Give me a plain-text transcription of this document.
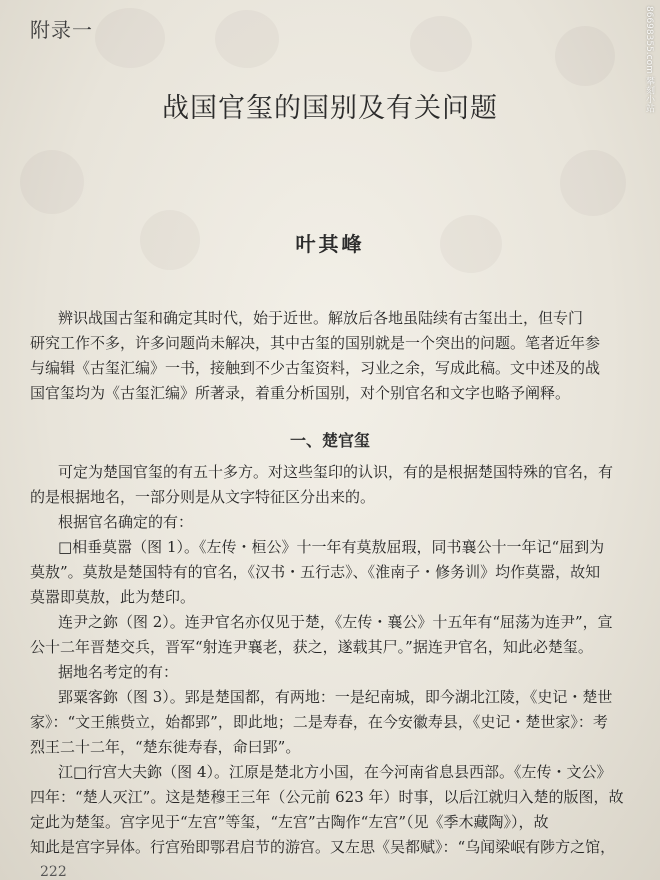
86698355.com 攀刻小站
附录一
战国官玺的国别及有关问题
叶其峰
辨识战国古玺和确定其时代，始于近世。解放后各地虽陆续有古玺出土，但专门
研究工作不多，许多问题尚未解决，其中古玺的国别就是一个突出的问题。笔者近年参
与编辑《古玺汇编》一书，接触到不少古玺资料，习业之余，写成此稿。文中述及的战
国官玺均为《古玺汇编》所著录，着重分析国别，对个别官名和文字也略予阐释。
一、楚官玺
可定为楚国官玺的有五十多方。对这些玺印的认识，有的是根据楚国特殊的官名，有
的是根据地名，一部分则是从文字特征区分出来的。
根据官名确定的有：
□相垂莫嚣（图 1）。《左传・桓公》十一年有莫敖屈瑕，同书襄公十一年记“屈到为
莫敖”。莫敖是楚国特有的官名，《汉书・五行志》、《淮南子・修务训》均作莫嚣，故知
莫嚣即莫敖，此为楚印。
连尹之鉨（图 2）。连尹官名亦仅见于楚，《左传・襄公》十五年有“屈荡为连尹”，宣
公十二年晋楚交兵，晋军“射连尹襄老，获之，遂载其尸。”据连尹官名，知此必楚玺。
据地名考定的有：
郢粟客鉨（图 3）。郢是楚国都，有两地：一是纪南城，即今湖北江陵，《史记・楚世
家》：“文王熊赀立，始都郢”，即此地；二是寿春，在今安徽寿县，《史记・楚世家》：考
烈王二十二年，“楚东徙寿春，命曰郢”。
江□行宫大夫鉨（图 4）。江原是楚北方小国，在今河南省息县西部。《左传・文公》
四年：“楚人灭江”。这是楚穆王三年（公元前 623 年）时事，以后江就归入楚的版图，故
定此为楚玺。宫字见于“左宫”等玺，“左宫”古陶作“左宫”（见《季木藏陶》），故
知此是宫字异体。行宫殆即鄂君启节的游宫。又左思《吴都赋》：“乌闻梁岷有陟方之馆，
222
